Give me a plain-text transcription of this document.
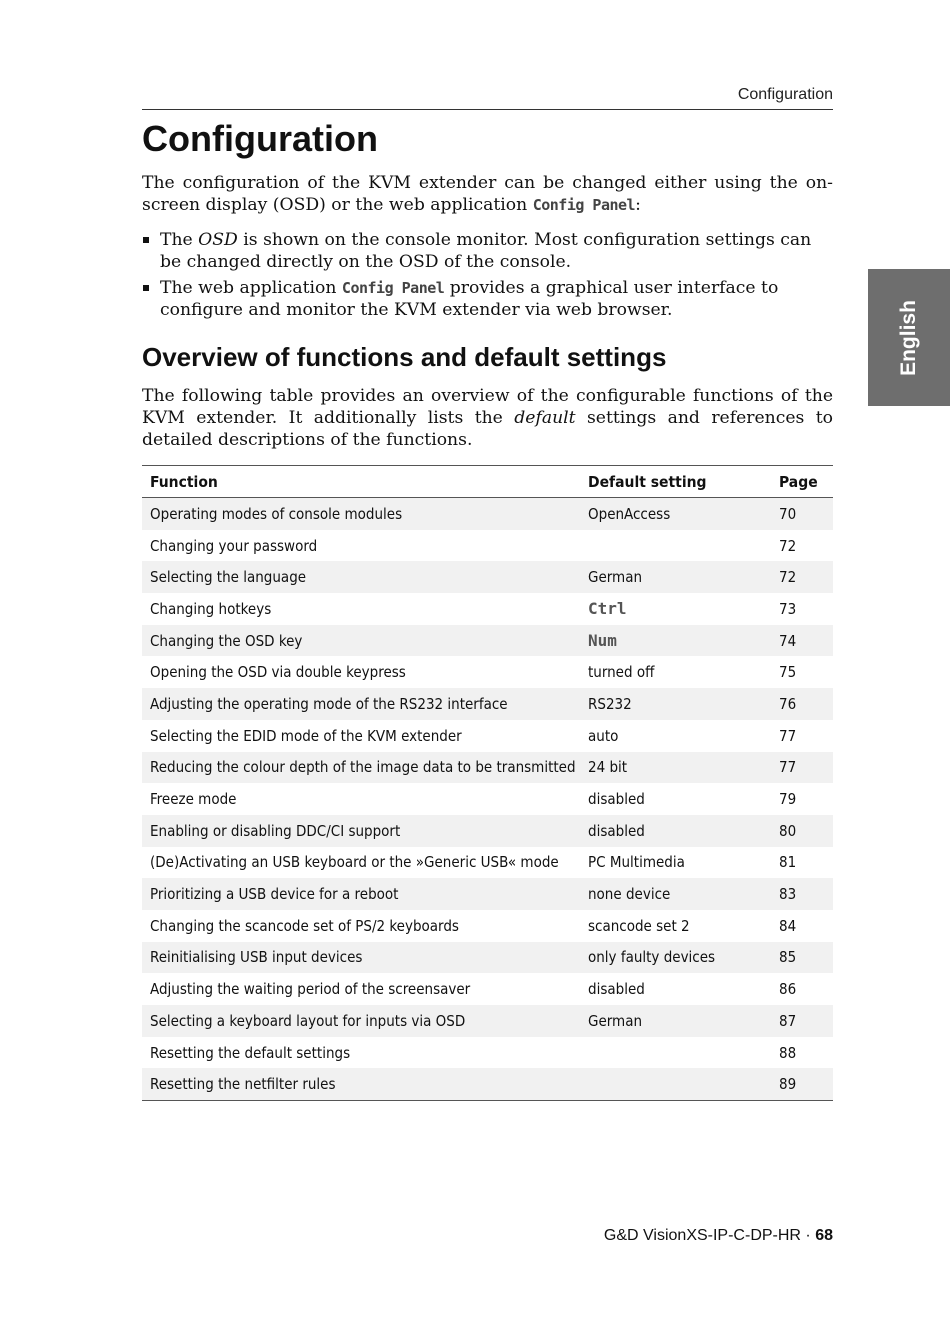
Configuration
English
Configuration

The configuration of the KVM extender can be changed either using the on-screen display (OSD) or the web application Config Panel:

The OSD is shown on the console monitor. Most configuration settings can be changed directly on the OSD of the console.
The web application Config Panel provides a graphical user interface to configure and monitor the KVM extender via web browser.
Overview of functions and default settings

The following table provides an overview of the configurable functions of the KVM extender. It additionally lists the default settings and references to detailed descriptions of the functions.

Function	Default setting	Page
Operating modes of console modules	OpenAccess	70
Changing your password		72
Selecting the language	German	72
Changing hotkeys	Ctrl	73
Changing the OSD key	Num	74
Opening the OSD via double keypress	turned off	75
Adjusting the operating mode of the RS232 interface	RS232	76
Selecting the EDID mode of the KVM extender	auto	77
Reducing the colour depth of the image data to be transmitted	24 bit	77
Freeze mode	disabled	79
Enabling or disabling DDC/CI support	disabled	80
(De)Activating an USB keyboard or the »Generic USB« mode	PC Multimedia	81
Prioritizing a USB device for a reboot	none device	83
Changing the scancode set of PS/2 keyboards	scancode set 2	84
Reinitialising USB input devices	only faulty devices	85
Adjusting the waiting period of the screensaver	disabled	86
Selecting a keyboard layout for inputs via OSD	German	87
Resetting the default settings		88
Resetting the netfilter rules		89
G&D VisionXS-IP-C-DP-HR · 68
